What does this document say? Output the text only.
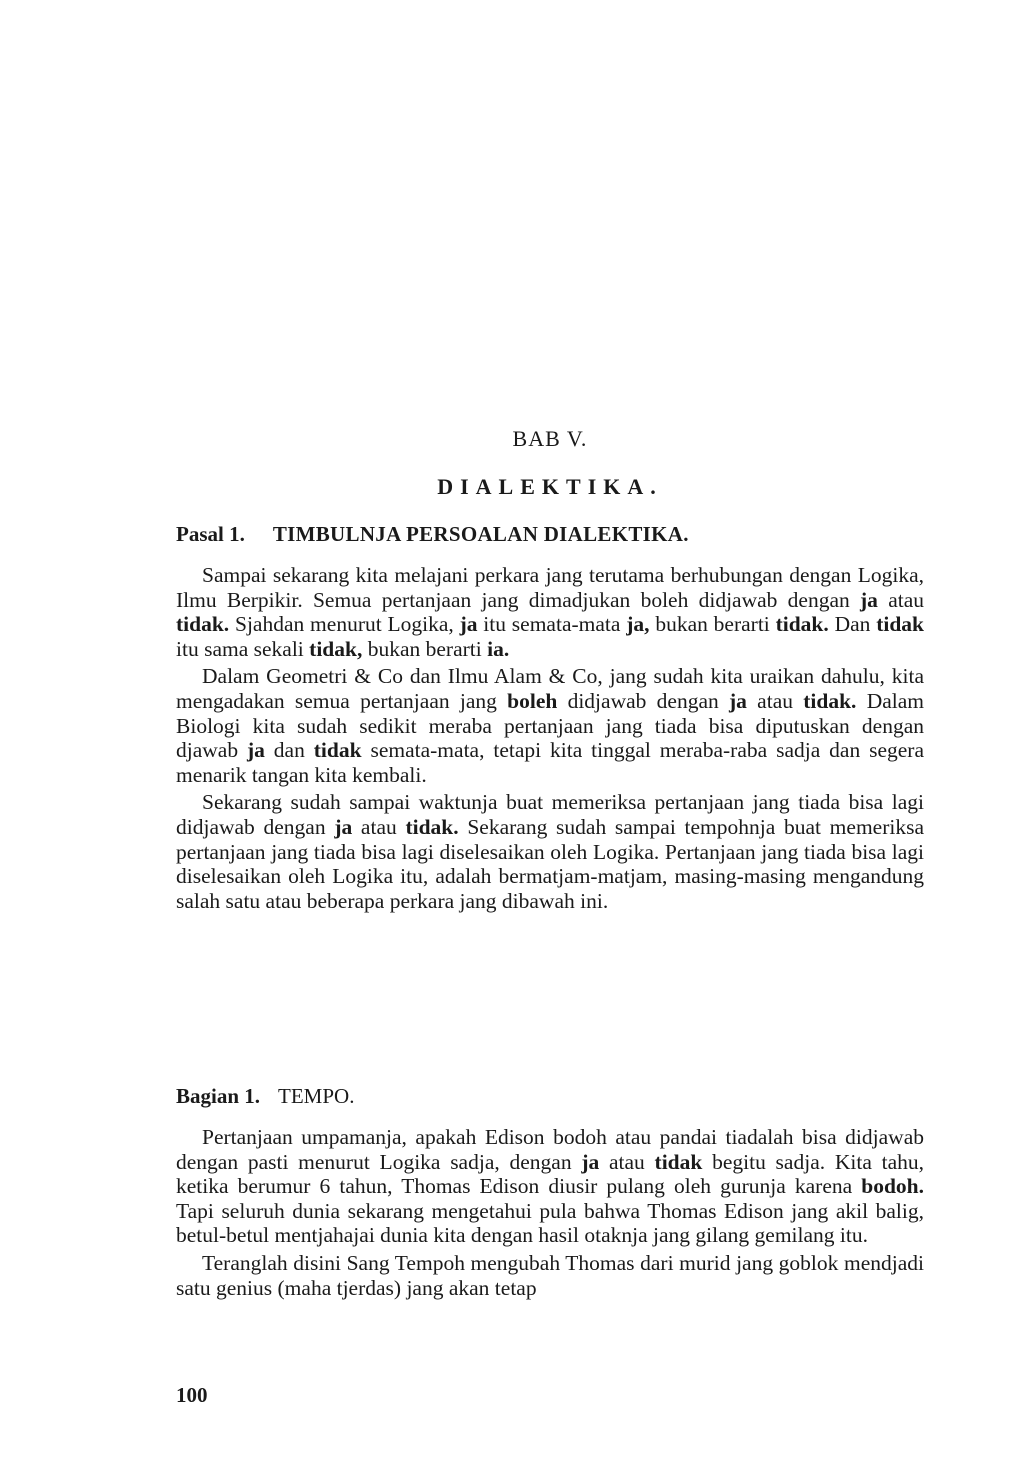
BAB V.
DIALEKTIKA.
Pasal 1. TIMBULNJA PERSOALAN DIALEKTIKA.

Sampai sekarang kita melajani perkara jang terutama berhubungan dengan Logika, Ilmu Berpikir. Semua pertanjaan jang dimadjukan boleh didjawab dengan ja atau tidak. Sjahdan menurut Logika, ja itu semata-mata ja, bukan berarti tidak. Dan tidak itu sama sekali tidak, bukan berarti ia.

Dalam Geometri & Co dan Ilmu Alam & Co, jang sudah kita uraikan dahulu, kita mengadakan semua pertanjaan jang boleh didjawab dengan ja atau tidak. Dalam Biologi kita sudah sedikit meraba pertanjaan jang tiada bisa diputuskan dengan djawab ja dan tidak semata-mata, tetapi kita tinggal meraba-raba sadja dan segera menarik tangan kita kembali.

Sekarang sudah sampai waktunja buat memeriksa pertanjaan jang tiada bisa lagi didjawab dengan ja atau tidak. Sekarang sudah sampai tempohnja buat memeriksa pertanjaan jang tiada bisa lagi diselesaikan oleh Logika. Pertanjaan jang tiada bisa lagi diselesaikan oleh Logika itu, adalah bermatjam-matjam, masing-masing mengandung salah satu atau beberapa perkara jang dibawah ini.

Bagian 1. TEMPO.

Pertanjaan umpamanja, apakah Edison bodoh atau pandai tiadalah bisa didjawab dengan pasti menurut Logika sadja, dengan ja atau tidak begitu sadja. Kita tahu, ketika berumur 6 tahun, Thomas Edison diusir pulang oleh gurunja karena bodoh. Tapi seluruh dunia sekarang mengetahui pula bahwa Thomas Edison jang akil balig, betul-betul mentjahajai dunia kita dengan hasil otaknja jang gilang gemilang itu.

Teranglah disini Sang Tempoh mengubah Thomas dari murid jang goblok mendjadi satu genius (maha tjerdas) jang akan tetap

100
